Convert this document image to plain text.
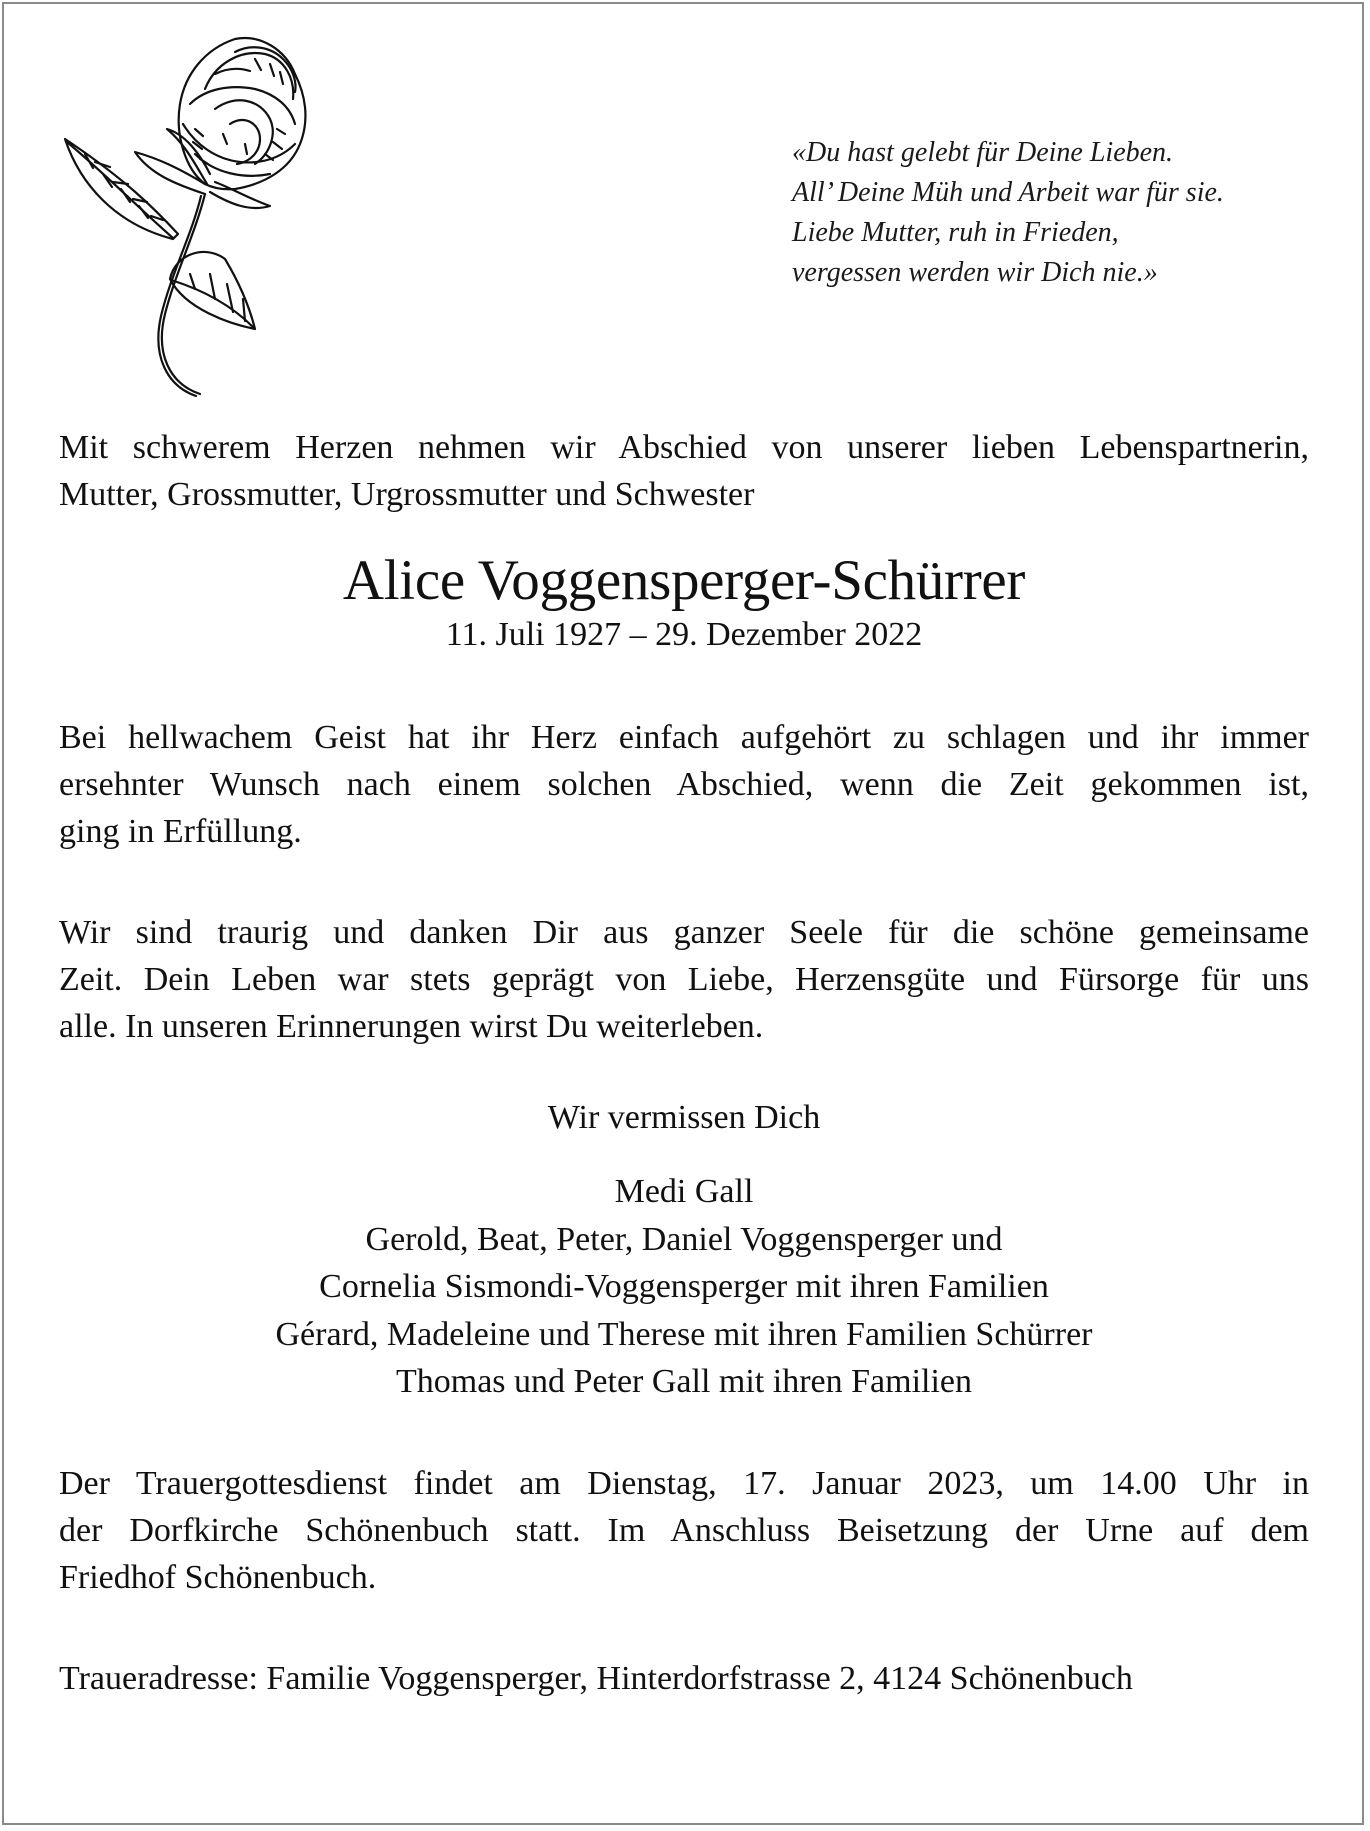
«Du hast gelebt für Deine Lieben.
All’ Deine Müh und Arbeit war für sie.
Liebe Mutter, ruh in Frieden,
vergessen werden wir Dich nie.»

Mit schwerem Herzen nehmen wir Abschied von unserer lieben Lebenspartnerin,
Mutter, Grossmutter, Urgrossmutter und Schwester

Alice Voggensperger-Schürrer
11. Juli 1927 – 29. Dezember 2022

Bei hellwachem Geist hat ihr Herz einfach aufgehört zu schlagen und ihr immer
ersehnter Wunsch nach einem solchen Abschied, wenn die Zeit gekommen ist,
ging in Erfüllung.

Wir sind traurig und danken Dir aus ganzer Seele für die schöne gemeinsame
Zeit. Dein Leben war stets geprägt von Liebe, Herzensgüte und Fürsorge für uns
alle. In unseren Erinnerungen wirst Du weiterleben.

Wir vermissen Dich
Medi Gall
Gerold, Beat, Peter, Daniel Voggensperger und
Cornelia Sismondi-Voggensperger mit ihren Familien
Gérard, Madeleine und Therese mit ihren Familien Schürrer
Thomas und Peter Gall mit ihren Familien

Der Trauergottesdienst findet am Dienstag, 17. Januar 2023, um 14.00 Uhr in
der Dorfkirche Schönenbuch statt. Im Anschluss Beisetzung der Urne auf dem
Friedhof Schönenbuch.

Traueradresse: Familie Voggensperger, Hinterdorfstrasse 2, 4124 Schönenbuch
